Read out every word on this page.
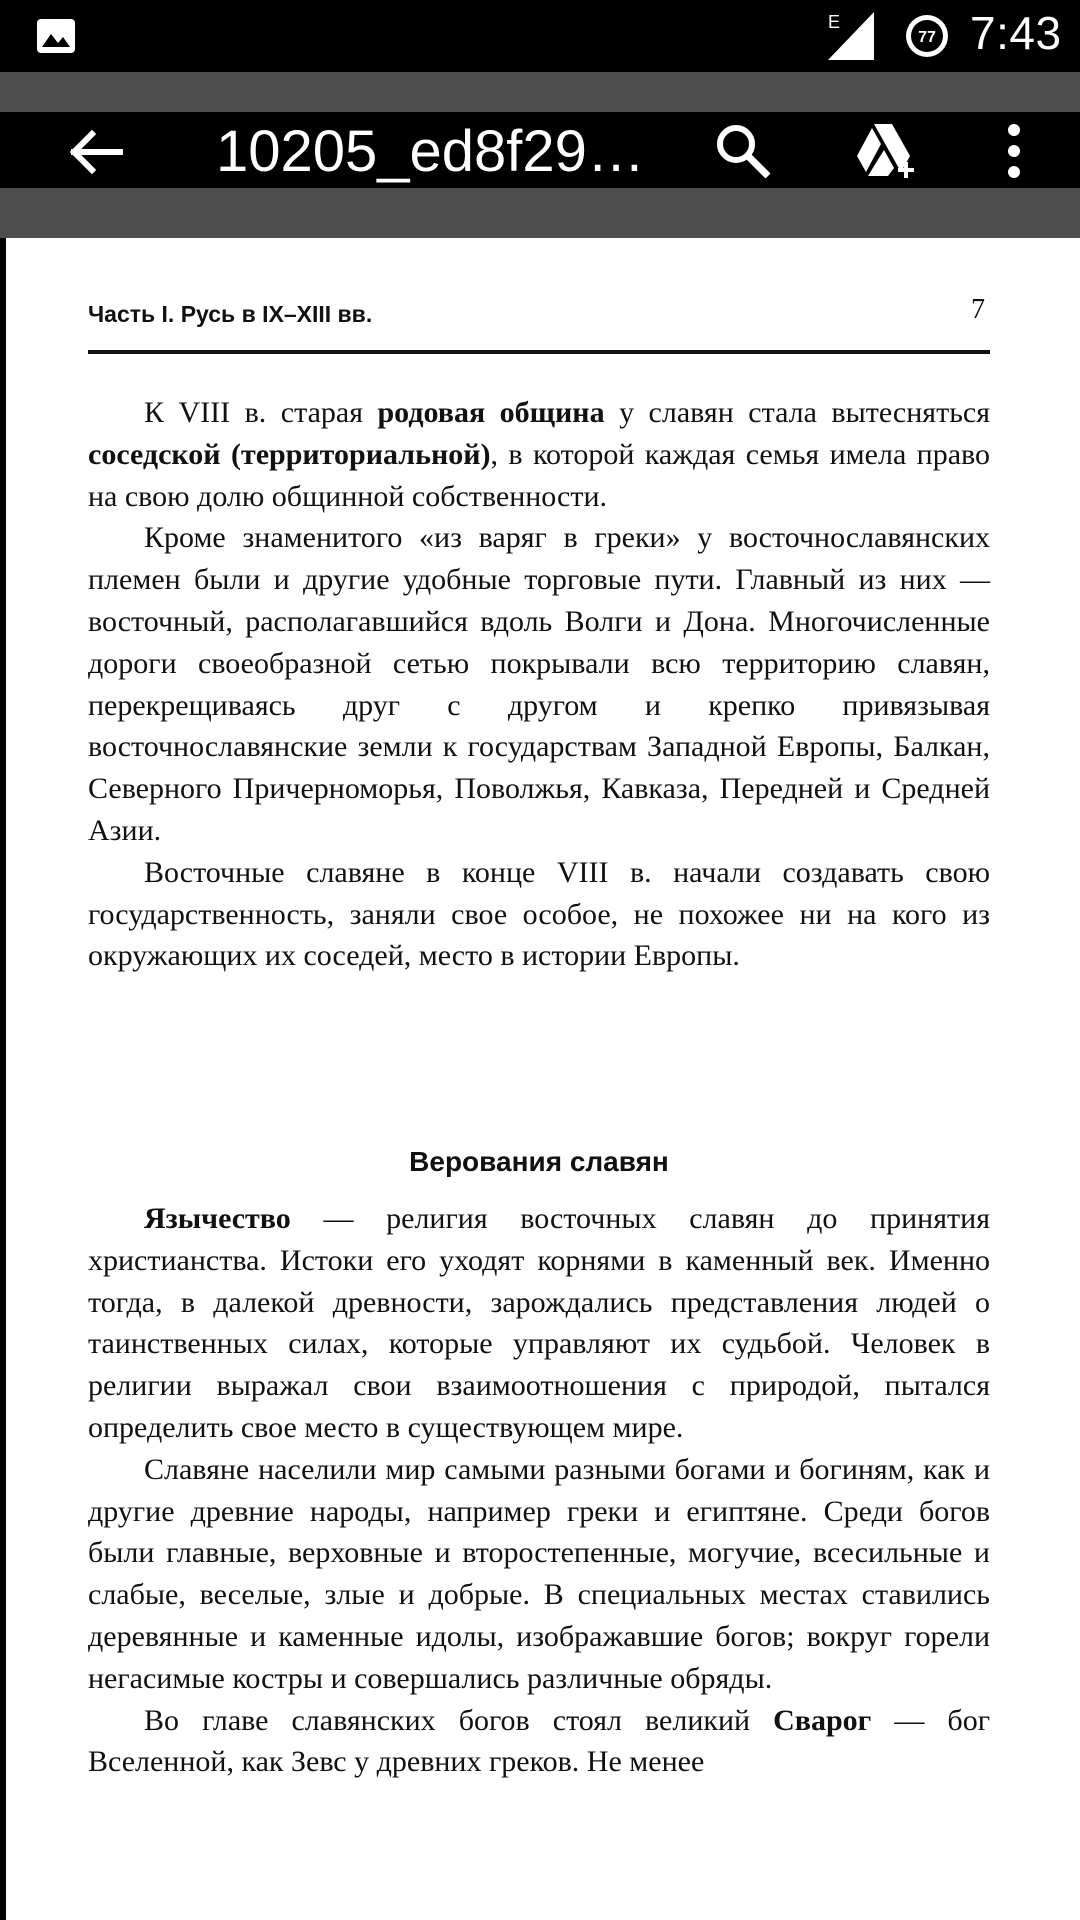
E
77 7:43
10205_ed8f29…
Часть I. Русь в IX–XIII вв.	7

К VIII в. старая родовая община у славян стала вытесняться соседской (территориальной), в которой каждая семья имела право на свою долю общинной собственности.

Кроме знаменитого «из варяг в греки» у восточнославянских племен были и другие удобные торговые пути. Главный из них — восточный, располагавшийся вдоль Волги и Дона. Многочисленные дороги своеобразной сетью покрывали всю территорию славян, перекрещиваясь друг с другом и крепко привязывая восточнославянские земли к государствам Западной Европы, Балкан, Северного Причерноморья, Поволжья, Кавказа, Передней и Средней Азии.

Восточные славяне в конце VIII в. начали создавать свою государственность, заняли свое особое, не похожее ни на кого из окружающих их соседей, место в истории Европы.

Верования славян

Язычество — религия восточных славян до принятия христианства. Истоки его уходят корнями в каменный век. Именно тогда, в далекой древности, зарождались представления людей о таинственных силах, которые управляют их судьбой. Человек в религии выражал свои взаимоотношения с природой, пытался определить свое место в существующем мире.

Славяне населили мир самыми разными богами и богиням, как и другие древние народы, например греки и египтяне. Среди богов были главные, верховные и второстепенные, могучие, всесильные и слабые, веселые, злые и добрые. В специальных местах ставились деревянные и каменные идолы, изображавшие богов; вокруг горели негасимые костры и совершались различные обряды.

Во главе славянских богов стоял великий Сварог — бог Вселенной, как Зевс у древних греков. Не менее
